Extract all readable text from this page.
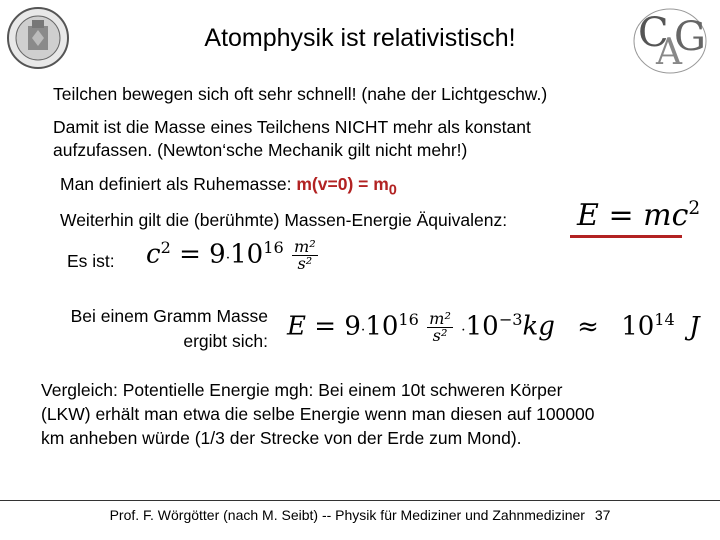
C
A
G
Atomphysik ist relativistisch!
Teilchen bewegen sich oft sehr schnell! (nahe der Lichtgeschw.)
Damit ist die Masse eines Teilchens NICHT mehr als konstant
aufzufassen. (Newton‘sche Mechanik gilt nicht mehr!)
Man definiert als Ruhemasse: $m(v=0) = m_0$
Weiterhin gilt die (berühmte) Massen-Energie Äquivalenz: $E = mc^2$
Es ist: $c^2 = 9\cdot 10^{16} \frac{\text{m²}}{\text{s²}}$
Bei einem Gramm Masse
ergibt sich: $E = 9\cdot 10^{16} \frac{\text{m²}}{\text{s²}} \cdot 10^{-3}kg \approx 10^{14}$ J
Vergleich: Potentielle Energie mgh: Bei einem 10t schweren Körper
(LKW) erhält man etwa die selbe Energie wenn man diesen auf 100000
km anheben würde (1/3 der Strecke von der Erde zum Mond).
Prof. F. Wörgötter (nach M. Seibt) -- Physik für Mediziner und Zahnmediziner 37
